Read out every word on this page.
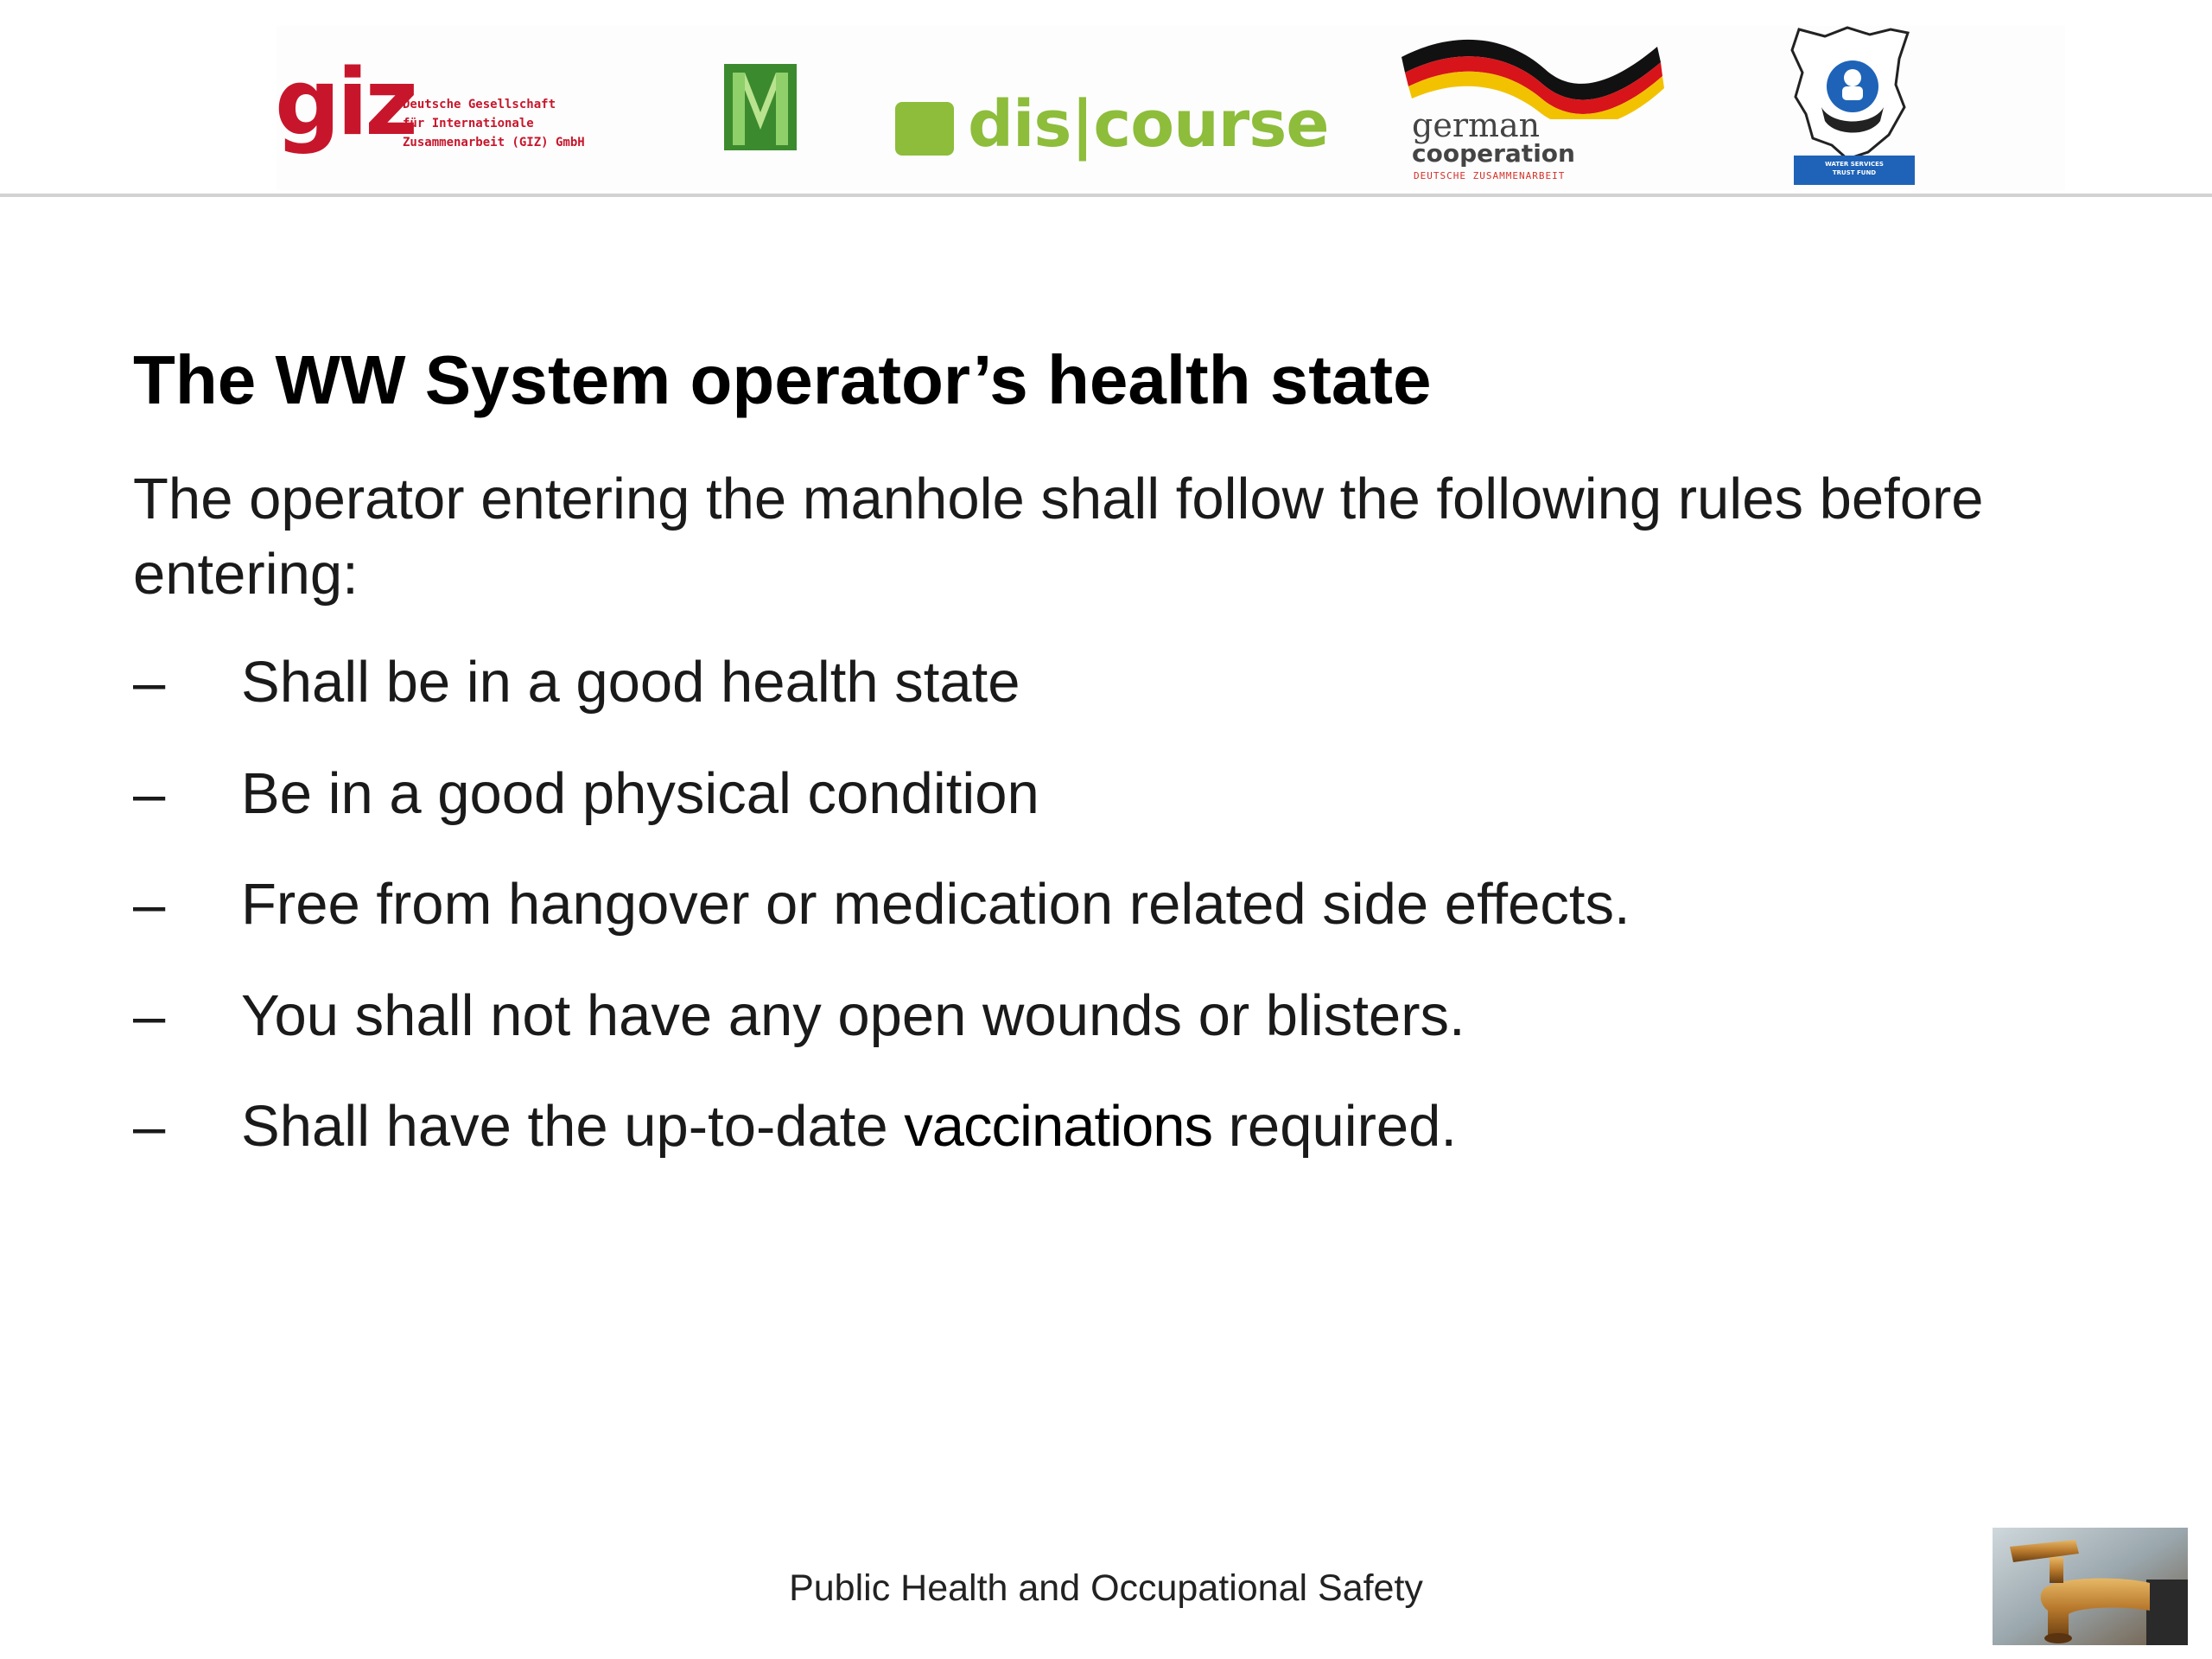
giz
Deutsche Gesellschaft
für Internationale
Zusammenarbeit (GIZ) GmbH	dis|course	german
cooperation
DEUTSCHE ZUSAMMENARBEIT
WATER SERVICES
TRUST FUND
The WW System operator’s health state

The operator entering the manhole shall follow the following rules before entering:

–	Shall be in a good health state
–	Be in a good physical condition
–	Free from hangover or medication related side effects.
–	You shall not have any open wounds or blisters.
–	Shall have the up-to-date vaccinations required.
Public Health and Occupational Safety
